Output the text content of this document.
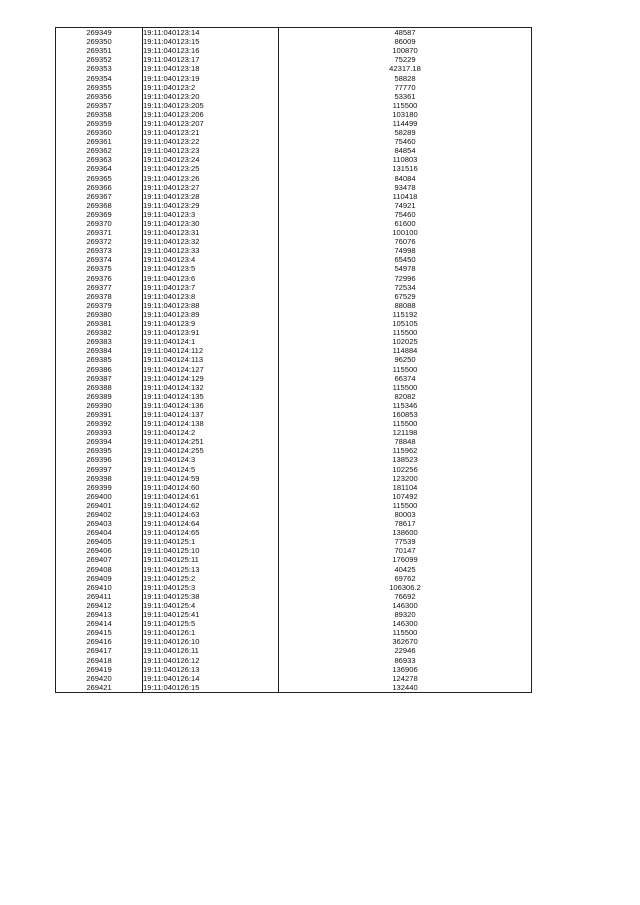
269349	19:11:040123:14	48587
269350	19:11:040123:15	86009
269351	19:11:040123:16	100870
269352	19:11:040123:17	75229
269353	19:11:040123:18	42317.18
269354	19:11:040123:19	58828
269355	19:11:040123:2	77770
269356	19:11:040123:20	53361
269357	19:11:040123:205	115500
269358	19:11:040123:206	103180
269359	19:11:040123:207	114499
269360	19:11:040123:21	58289
269361	19:11:040123:22	75460
269362	19:11:040123:23	84854
269363	19:11:040123:24	110803
269364	19:11:040123:25	131516
269365	19:11:040123:26	84084
269366	19:11:040123:27	93478
269367	19:11:040123:28	110418
269368	19:11:040123:29	74921
269369	19:11:040123:3	75460
269370	19:11:040123:30	61600
269371	19:11:040123:31	100100
269372	19:11:040123:32	76076
269373	19:11:040123:33	74998
269374	19:11:040123:4	65450
269375	19:11:040123:5	54978
269376	19:11:040123:6	72996
269377	19:11:040123:7	72534
269378	19:11:040123:8	67529
269379	19:11:040123:88	88088
269380	19:11:040123:89	115192
269381	19:11:040123:9	105105
269382	19:11:040123:91	115500
269383	19:11:040124:1	102025
269384	19:11:040124:112	114884
269385	19:11:040124:113	96250
269386	19:11:040124:127	115500
269387	19:11:040124:129	66374
269388	19:11:040124:132	115500
269389	19:11:040124:135	82082
269390	19:11:040124:136	115346
269391	19:11:040124:137	160853
269392	19:11:040124:138	115500
269393	19:11:040124:2	121198
269394	19:11:040124:251	78848
269395	19:11:040124:255	115962
269396	19:11:040124:3	138523
269397	19:11:040124:5	102256
269398	19:11:040124:59	123200
269399	19:11:040124:60	181104
269400	19:11:040124:61	107492
269401	19:11:040124:62	115500
269402	19:11:040124:63	80003
269403	19:11:040124:64	78617
269404	19:11:040124:65	138600
269405	19:11:040125:1	77539
269406	19:11:040125:10	70147
269407	19:11:040125:11	176099
269408	19:11:040125:13	40425
269409	19:11:040125:2	69762
269410	19:11:040125:3	106306.2
269411	19:11:040125:38	76692
269412	19:11:040125:4	146300
269413	19:11:040125:41	89320
269414	19:11:040125:5	146300
269415	19:11:040126:1	115500
269416	19:11:040126:10	362670
269417	19:11:040126:11	22946
269418	19:11:040126:12	86933
269419	19:11:040126:13	136906
269420	19:11:040126:14	124278
269421	19:11:040126:15	132440
